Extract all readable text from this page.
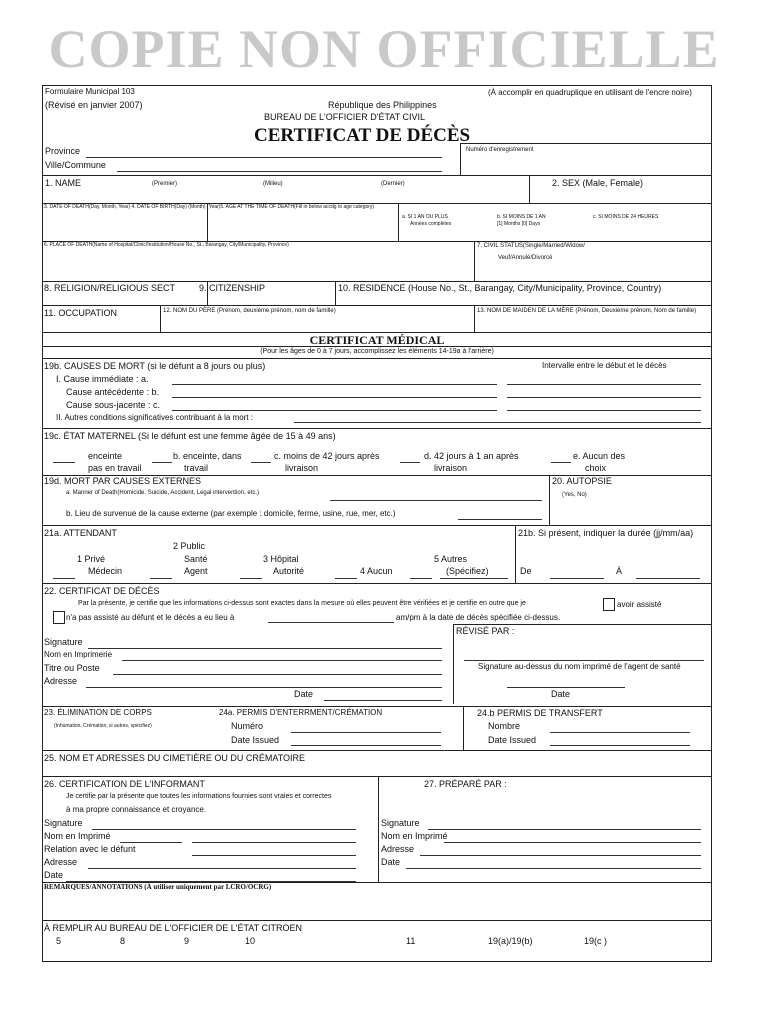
COPIE NON OFFICIELLE
Formulaire Municipal 103
(Révisé en janvier 2007)
(À accomplir en quadruplique en utilisant de l'encre noire)
République des Philippines
BUREAU DE L'OFFICIER D'ÉTAT CIVIL
CERTIFICAT DE DÉCÈS
Province
Ville/Commune
Numéro d'enregistrement
1. NAME	(Premier)	(Milieu)	(Dernier)	2. SEX (Male, Female)
3. DATE OF DEATH(Day, Month, Year) 4. DATE OF BIRTH(Day) (Month) (Year)5. AGE AT THE TIME OF DEATH(Fill in below accdg to age category)
a. SI 1 AN OU PLUS
Années complètes
b. SI MOINS DE 1 AN
[1] Months [0] Days
c. SI MOINS DE 24 HEURES
6. PLACE OF DEATH(Name of Hospital/Clinic/Institution/House No., St., Barangay, City/Municipality, Province)	7. CIVIL STATUS(Single/Married/Widow/
Veuf/Annulé/Divorcé
8. RELIGION/RELIGIOUS SECT	9. CITIZENSHIP	10. RESIDENCE (House No., St., Barangay, City/Municipality, Province, Country)
11. OCCUPATION	12. NOM DU PÈRE (Prénom, deuxième prénom, nom de famille)	13. NOM DE MAIDEN DE LA MÈRE (Prénom, Deuxième prénom, Nom de famille)
CERTIFICAT MÉDICAL
(Pour les âges de 0 à 7 jours, accomplissez les éléments 14-19a à l'arrière)
19b. CAUSES DE MORT (si le défunt a 8 jours ou plus)	Intervalle entre le début et le décès
I. Cause immédiate : a.
Cause antécédente : b.
Cause sous-jacente : c.
II. Autres conditions significatives contribuant à la mort :
19c. ÉTAT MATERNEL (Si le défunt est une femme âgée de 15 à 49 ans)
enceinte
pas en travail
b. enceinte, dans
travail
c. moins de 42 jours après
livraison
d. 42 jours à 1 an après
livraison
e. Aucun des
choix
19d. MORT PAR CAUSES EXTERNES
a. Manner of Death(Homicide, Suicide, Accident, Legal intervention, etc.)
b. Lieu de survenue de la cause externe (par exemple : domicile, ferme, usine, rue, mer, etc.)
20. AUTOPSIE
(Yes, No)
21a. ATTENDANT
1 Privé
Médecin
2 Public
Santé
Agent
3 Hôpital
Autorité	4 Aucun
5 Autres
(Spécifiez)
21b. Si présent, indiquer la durée (jj/mm/aa)
De	À
22. CERTIFICAT DE DÉCÈS
Par la présente, je certifie que les informations ci-dessus sont exactes dans la mesure où elles peuvent être vérifiées et je certifie en outre que je	avoir assisté
n'a pas assisté au défunt et le décès a eu lieu à	am/pm à la date de décès spécifiée ci-dessus.
Signature
Nom en Imprimerie
Titre ou Poste
Adresse
Date
RÉVISÉ PAR :
Signature au-dessus du nom imprimé de l'agent de santé
Date
23. ÉLIMINATION DE CORPS
(Inhumation, Crémation, si autres, spécifiez)
24a. PERMIS D'ENTERRMENT/CRÉMATION
Numéro
Date Issued
24.b PERMIS DE TRANSFERT
Nombre
Date Issued
25. NOM ET ADRESSES DU CIMETIÈRE OU DU CRÉMATOIRE
26. CERTIFICATION DE L'INFORMANT
Je certifie par la présente que toutes les informations fournies sont vraies et correctes
à ma propre connaissance et croyance.
Signature
Nom en Imprimé
Relation avec le défunt
Adresse
Date
27. PRÉPARÉ PAR :
Signature
Nom en Imprimé
Adresse
Date
REMARQUES/ANNOTATIONS (À utiliser uniquement par LCRO/OCRG)
À REMPLIR AU BUREAU DE L'OFFICIER DE L'ÉTAT CITROEN
5	8	9	10	11	19(a)/19(b)	19(c )
